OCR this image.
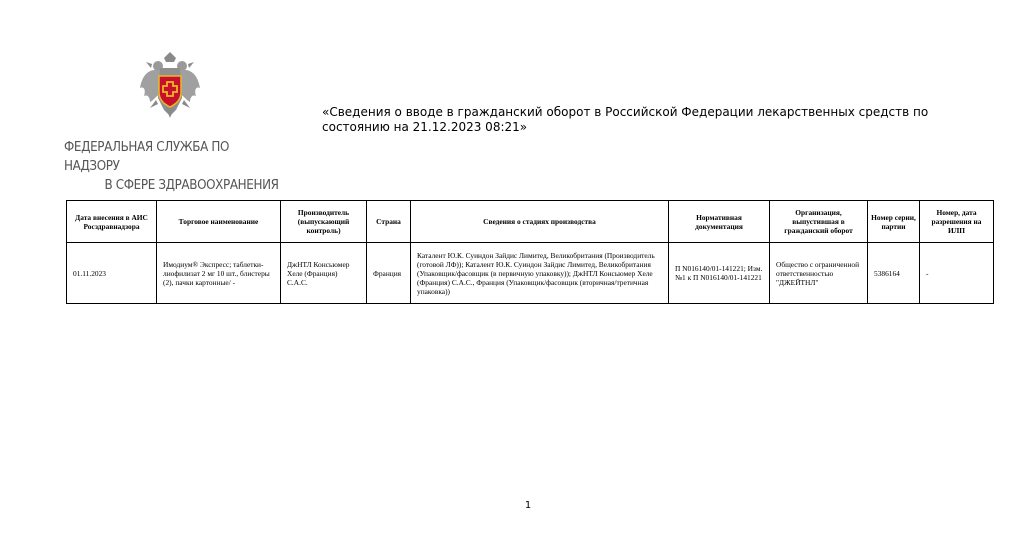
ФЕДЕРАЛЬНАЯ СЛУЖБА ПО НАДЗОРУ
В СФЕРЕ ЗДРАВООХРАНЕНИЯ
«Сведения о вводе в гражданский оборот в Российской Федерации лекарственных средств по состоянию на 21.12.2023 08:21»
Дата внесения в АИС Росздравнадзора	Торговое наименование	Производитель (выпускающий контроль)	Страна	Сведения о стадиях производства	Нормативная документация	Организация, выпустившая в гражданский оборот	Номер серии, партии	Номер, дата разрешения на ИЛП
01.11.2023	Имодиум® Экспресс; таблетки-лиофилизат 2 мг 10 шт., блистеры (2), пачки картонные/ -	ДжНТЛ Консьюмер Хеле (Франция) С.А.С.	Франция	Каталент Ю.К. Суиндон Зайдис Лимитед, Великобритания (Производитель (готовой ЛФ)); Каталент Ю.К. Суиндон Зайдис Лимитед, Великобритания (Упаковщик/фасовщик (в первичную упаковку)); ДжНТЛ Консьюмер Хеле (Франция) С.А.С., Франция (Упаковщик/фасовщик (вторичная/третичная упаковка))	П N016140/01-141221; Изм. №1 к П N016140/01-141221	Общество с ограниченной ответственностью "ДЖЕЙТНЛ"	5386164	-
1
